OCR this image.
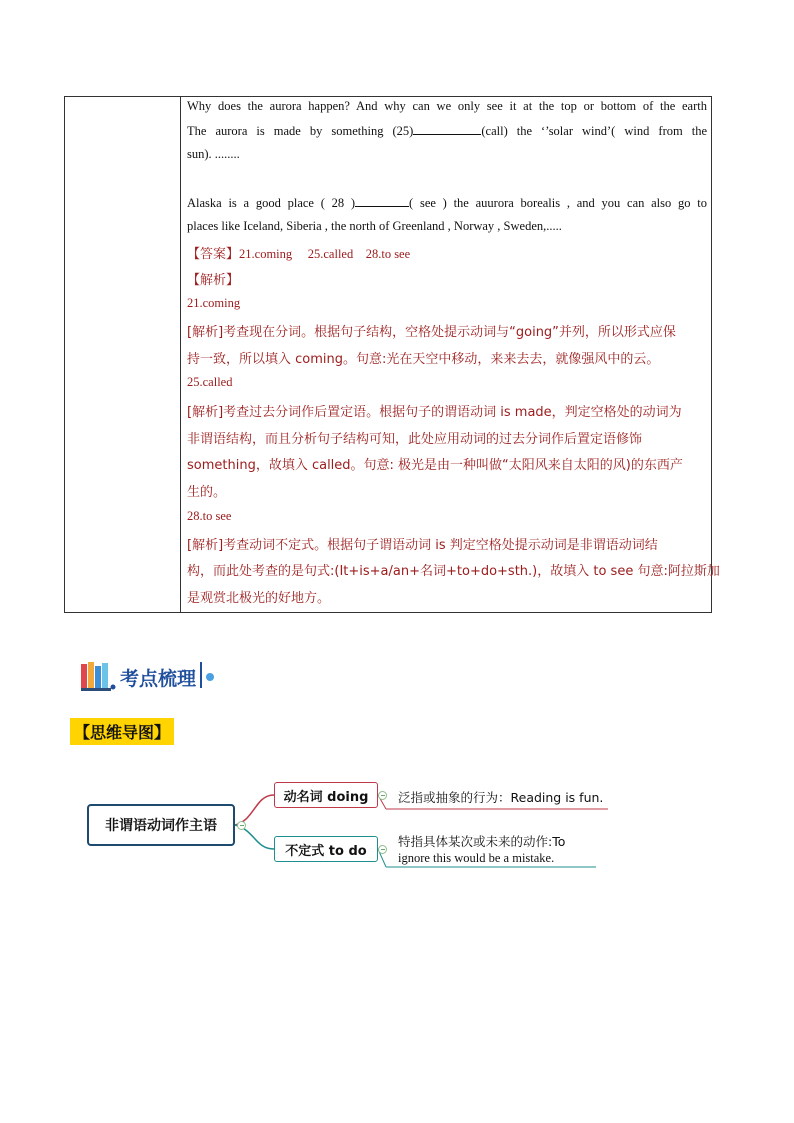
Why does the aurora happen? And why can we only see it at the top or bottom of the earth
The aurora is made by something (25)	(call) the ‘’solar wind’( wind from the
sun). ........
Alaska is a good place ( 28 )	( see ) the auurora borealis , and you can also go to
places like Iceland, Siberia , the north of Greenland , Norway , Sweden,.....
【答案】21.coming     25.called    28.to see
【解析】
21.coming
[解析]考查现在分词。根据句子结构，空格处提示动词与“going”并列，所以形式应保
持一致，所以填入 coming。句意:光在天空中移动，来来去去，就像强风中的云。
25.called
[解析]考查过去分词作后置定语。根据句子的谓语动词 is made，判定空格处的动词为
非谓语结构，而且分析句子结构可知，此处应用动词的过去分词作后置定语修饰
something，故填入 called。句意: 极光是由一种叫做“太阳风来自太阳的风)的东西产
生的。
28.to see
[解析]考查动词不定式。根据句子谓语动词 is 判定空格处提示动词是非谓语动词结
构，而此处考查的是句式:(It+is+a/an+名词+to+do+sth.)，故填入 to see 句意:阿拉斯加
是观赏北极光的好地方。
考点梳理
【思维导图】
非谓语动词作主语
动名词 doing
不定式 to do
泛指或抽象的行为：Reading is fun.
特指具体某次或未来的动作:To
ignore this would be a mistake.
